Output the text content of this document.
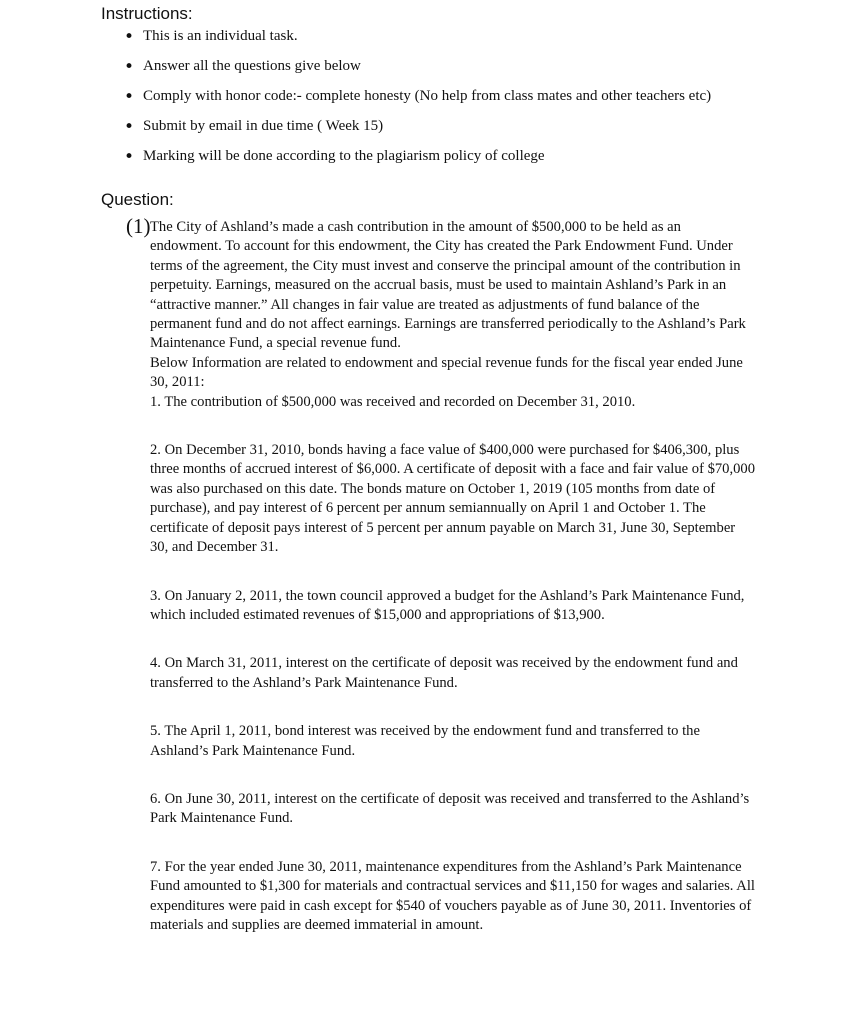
Instructions:
• This is an individual task.
• Answer all the questions give below
• Comply with honor code:- complete honesty (No help from class mates and other teachers etc)
• Submit by email in due time ( Week 15)
• Marking will be done according to the plagiarism policy of college
Question:
(1) The City of Ashland’s made a cash contribution in the amount of $500,000 to be held as an endowment. To account for this endowment, the City has created the Park Endowment Fund. Under terms of the agreement, the City must invest and conserve the principal amount of the contribution in perpetuity. Earnings, measured on the accrual basis, must be used to maintain Ashland’s Park in an “attractive manner.” All changes in fair value are treated as adjustments of fund balance of the permanent fund and do not affect earnings. Earnings are transferred periodically to the Ashland’s Park Maintenance Fund, a special revenue fund.

Below Information are related to endowment and special revenue funds for the fiscal year ended June 30, 2011:

1. The contribution of $500,000 was received and recorded on December 31, 2010.

2. On December 31, 2010, bonds having a face value of $400,000 were purchased for $406,300, plus three months of accrued interest of $6,000. A certificate of deposit with a face and fair value of $70,000 was also purchased on this date. The bonds mature on October 1, 2019 (105 months from date of purchase), and pay interest of 6 percent per annum semiannually on April 1 and October 1. The certificate of deposit pays interest of 5 percent per annum payable on March 31, June 30, September 30, and December 31.

3. On January 2, 2011, the town council approved a budget for the Ashland’s Park Maintenance Fund, which included estimated revenues of $15,000 and appropriations of $13,900.

4. On March 31, 2011, interest on the certificate of deposit was received by the endowment fund and transferred to the Ashland’s Park Maintenance Fund.

5. The April 1, 2011, bond interest was received by the endowment fund and transferred to the Ashland’s Park Maintenance Fund.

6. On June 30, 2011, interest on the certificate of deposit was received and transferred to the Ashland’s Park Maintenance Fund.

7. For the year ended June 30, 2011, maintenance expenditures from the Ashland’s Park Maintenance Fund amounted to $1,300 for materials and contractual services and $11,150 for wages and salaries. All expenditures were paid in cash except for $540 of vouchers payable as of June 30, 2011. Inventories of materials and supplies are deemed immaterial in amount.
